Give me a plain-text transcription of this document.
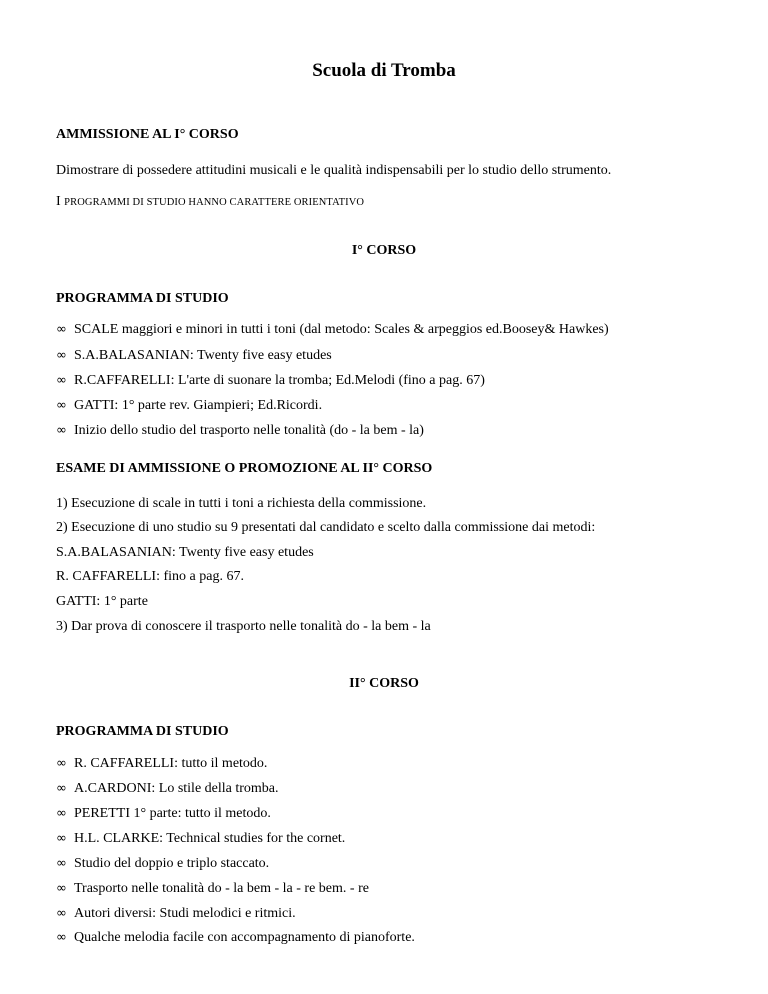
Scuola di Tromba
AMMISSIONE AL I° CORSO
Dimostrare di possedere attitudini musicali e le qualità indispensabili per lo studio dello strumento.
I PROGRAMMI DI STUDIO HANNO CARATTERE ORIENTATIVO
I° CORSO
PROGRAMMA DI STUDIO
∞ SCALE maggiori e minori in tutti i toni (dal metodo: Scales & arpeggios ed.Boosey& Hawkes)
∞ S.A.BALASANIAN: Twenty five easy etudes
∞ R.CAFFARELLI: L'arte di suonare la tromba; Ed.Melodi (fino a pag. 67)
∞ GATTI: 1° parte rev. Giampieri; Ed.Ricordi.
∞ Inizio dello studio del trasporto nelle tonalità (do - la bem - la)
ESAME DI AMMISSIONE O PROMOZIONE AL II° CORSO
1) Esecuzione di scale in tutti i toni a richiesta della commissione.
2) Esecuzione di uno studio su 9 presentati dal candidato e scelto dalla commissione dai metodi:
S.A.BALASANIAN: Twenty five easy etudes
R. CAFFARELLI: fino a pag. 67.
GATTI: 1° parte
3) Dar prova di conoscere il trasporto nelle tonalità do - la bem - la
II° CORSO
PROGRAMMA DI STUDIO
∞ R. CAFFARELLI: tutto il metodo.
∞ A.CARDONI: Lo stile della tromba.
∞ PERETTI 1° parte: tutto il metodo.
∞ H.L. CLARKE: Technical studies for the cornet.
∞ Studio del doppio e triplo staccato.
∞ Trasporto nelle tonalità do - la bem - la - re bem. - re
∞ Autori diversi: Studi melodici e ritmici.
∞ Qualche melodia facile con accompagnamento di pianoforte.
